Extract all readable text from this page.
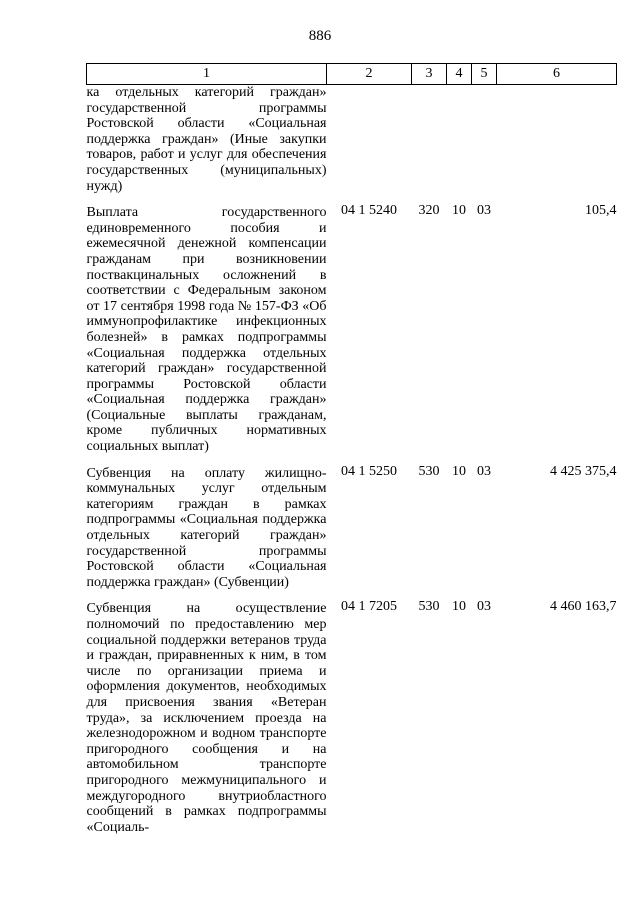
886
1	2	3	4	5	6
ка отдельных категорий граждан» государственной программы Ростовской области «Социальная поддержка граждан» (Иные закупки товаров, работ и услуг для обеспечения государственных (муниципальных) нужд)					
Выплата государственного единовременного пособия и ежемесячной денежной компенсации гражданам при возникновении поствакцинальных осложнений в соответствии с Федеральным законом от 17 сентября 1998 года № 157-ФЗ «Об иммунопрофилактике инфекционных болезней» в рамках подпрограммы «Социальная поддержка отдельных категорий граждан» государственной программы Ростовской области «Социальная поддержка граждан» (Социальные выплаты гражданам, кроме публичных нормативных социальных выплат)	04 1 5240	320	10	03	105,4
Субвенция на оплату жилищно-коммунальных услуг отдельным категориям граждан в рамках подпрограммы «Социальная поддержка отдельных категорий граждан» государственной программы Ростовской области «Социальная поддержка граждан» (Субвенции)	04 1 5250	530	10	03	4 425 375,4
Субвенция на осуществление полномочий по предоставлению мер социальной поддержки ветеранов труда и граждан, приравненных к ним, в том числе по организации приема и оформления документов, необходимых для присвоения звания «Ветеран труда», за исключением проезда на железнодорожном и водном транспорте пригородного сообщения и на автомобильном транспорте пригородного межмуниципального и междугородного внутриобластного сообщений в рамках подпрограммы «Социаль-	04 1 7205	530	10	03	4 460 163,7
